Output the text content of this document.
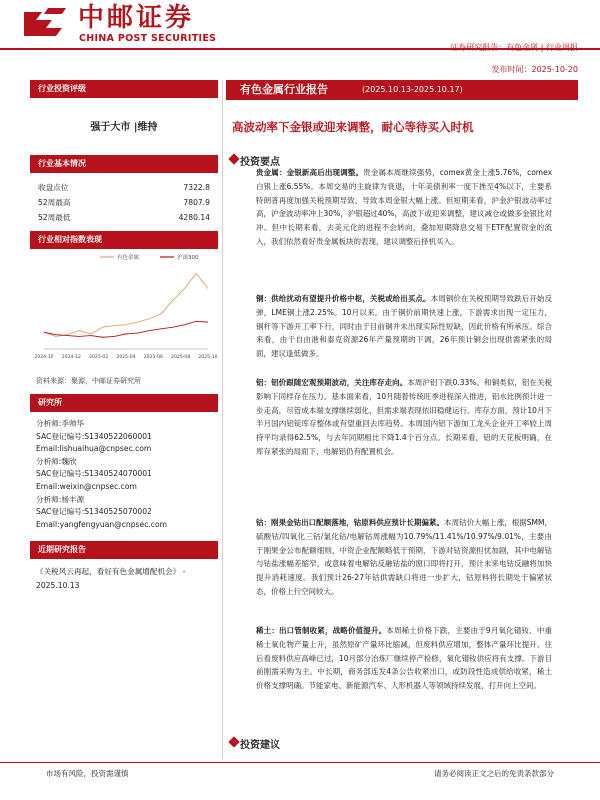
中邮证券
CHINA POST SECURITIES
发布时间：2025-10-20
行业投资评级
强于大市 |维持
行业基本情况
收盘点位	7322.8
52周最高	7807.9
52周最低	4280.14
行业相对指数表现
2024-10 2024-12 2025-02 2025-04 2025-06 2025-08 2025-10
有色金属	沪深300
资料来源：聚源，中邮证券研究所
研究所
分析师:李帅华
SAC登记编号:S1340522060001
Email:lishuaihua@cnpsec.com
分析师:魏欣
SAC登记编号:S1340524070001
Email:weixin@cnpsec.com
分析师:杨丰源
SAC登记编号:S1340525070002
Email:yangfengyuan@cnpsec.com
近期研究报告
《关税风云再起，看好有色金属增配机会》 - 2025.10.13
有色金属行业报告	(2025.10.13-2025.10.17)
高波动率下金银或迎来调整，耐心等待买入时机
投资要点
贵金属：金银新高后出现调整。贵金属本周继续强势，comex黄金上涨5.76%，comex白银上涨6.55%。本周交易的主旋律为衰退，十年美债利率一度下挫至4%以下，主要系特朗普再度加强关税预期导致，导致本周金银大幅上涨。但短期来看，沪金沪银波动率过高，沪金波动率冲上30%，沪银超过40%，高波下或迎来调整，建议减仓或做多金银比对冲。但中长期来看，去美元化的进程不会转向，叠加短期降息交易下ETF配置资金的流入，我们依然看好贵金属板块的表现，建议调整后择机买入。
铜：供给扰动有望提升价格中枢，关税或给出买点。本周铜价在关税预期导致跌后开始反弹，LME铜上涨2.25%。10月以来，由于铜价前期快速上涨，下游需求出现一定压力，铜杆等下游开工率下行，同时由于目前铜并未出现实际性短缺，因此价格有所承压。综合来看，由于自由港和泰克资源26年产量预期的下调，26年预计铜会出现供需紧张的局面，建议逢低做多。
铝：铝价跟随宏观预期波动，关注库存走向。本周沪铝下跌0.33%。和铜类似，铝在关税影响下同样存在压力。基本面来看，10月随着传统旺季进程深入推进，铝水比例预计进一步走高，尽管成本端支撑继续弱化，但需求端表现依旧稳健运行。库存方面，预计10月下半月国内铝锭库存整体或有望重回去库趋势。本周国内铝下游加工龙头企业开工率较上周持平均录得62.5%，与去年同期相比下降1.4个百分点。长期来看，铝的天花板明确，在库存紧张的局面下，电解铝仍有配置机会。
钴：刚果金钴出口配额落地，钴原料供应预计长期偏紧。本周钴价大幅上涨，根据SMM，硫酸钴/四氧化三钴/氯化钴/电解钴周涨幅为10.79%/11.41%/10.97%/9.01%，主要由于刚果金公布配额细则，中资企业配额略低于预期，下游对钴资源担忧加剧，其中电解钴与钴盐涨幅差缩窄，或意味着电解钴反融钴盐的窗口即将打开，预计未来电钴反融将加快提升消耗速度。我们预计26-27年钴供需缺口将进一步扩大，钴原料将长期处于偏紧状态，价格上行空间较大。
稀土：出口管制收紧，战略价值提升。本周稀土价格下跌，主要由于9月氧化镨钕、中重稀土氧化物产量上升，虽然原矿产量环比缩减，但废料供应增加，整体产量环比提升。往后看废料供应高峰已过，10月部分冶炼厂继续停产检修，氧化镨钕供应将有支撑。下游目前刚需采购为主。中长期，商务部连发4条公告收紧出口，或防段性造成供给收紧，稀土价格支撑明确。节能家电、新能源汽车、人形机器人等领域持续发展，打开向上空间。
投资建议
市场有风险，投资需谨慎	请务必阅读正文之后的免责条款部分
